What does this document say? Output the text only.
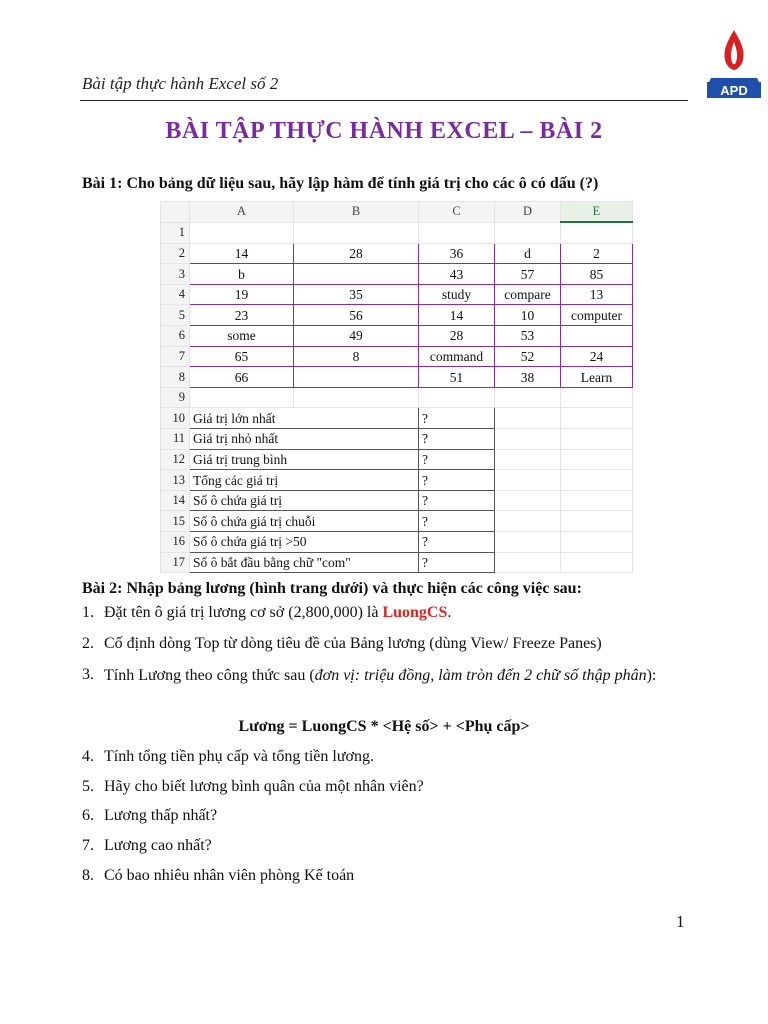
Bài tập thực hành Excel số 2	APD
BÀI TẬP THỰC HÀNH EXCEL – BÀI 2
Bài 1: Cho bảng dữ liệu sau, hãy lập hàm để tính giá trị cho các ô có dấu (?)
	A	B	C	D	E
1					
2	14	28	36	d	2
3	b		43	57	85
4	19	35	study	compare	13
5	23	56	14	10	computer
6	some	49	28	53	
7	65	8	command	52	24
8	66		51	38	Learn
9					
10	Giá trị lớn nhất		?		
11	Giá trị nhỏ nhất		?		
12	Giá trị trung bình		?		
13	Tổng các giá trị		?		
14	Số ô chứa giá trị		?		
15	Số ô chứa giá trị chuỗi		?		
16	Số ô chứa giá trị >50		?		
17	Số ô bắt đầu bằng chữ "com"		?		
Bài 2: Nhập bảng lương (hình trang dưới) và thực hiện các công việc sau:
1. Đặt tên ô giá trị lương cơ sở (2,800,000) là LuongCS.
2. Cố định dòng Top từ dòng tiêu đề của Bảng lương (dùng View/ Freeze Panes)
3. Tính Lương theo công thức sau (đơn vị: triệu đồng, làm tròn đến 2 chữ số thập phân):
Lương = LuongCS * <Hệ số> + <Phụ cấp>
4. Tính tổng tiền phụ cấp và tổng tiền lương.
5. Hãy cho biết lương bình quân của một nhân viên?
6. Lương thấp nhất?
7. Lương cao nhất?
8. Có bao nhiêu nhân viên phòng Kế toán
1
